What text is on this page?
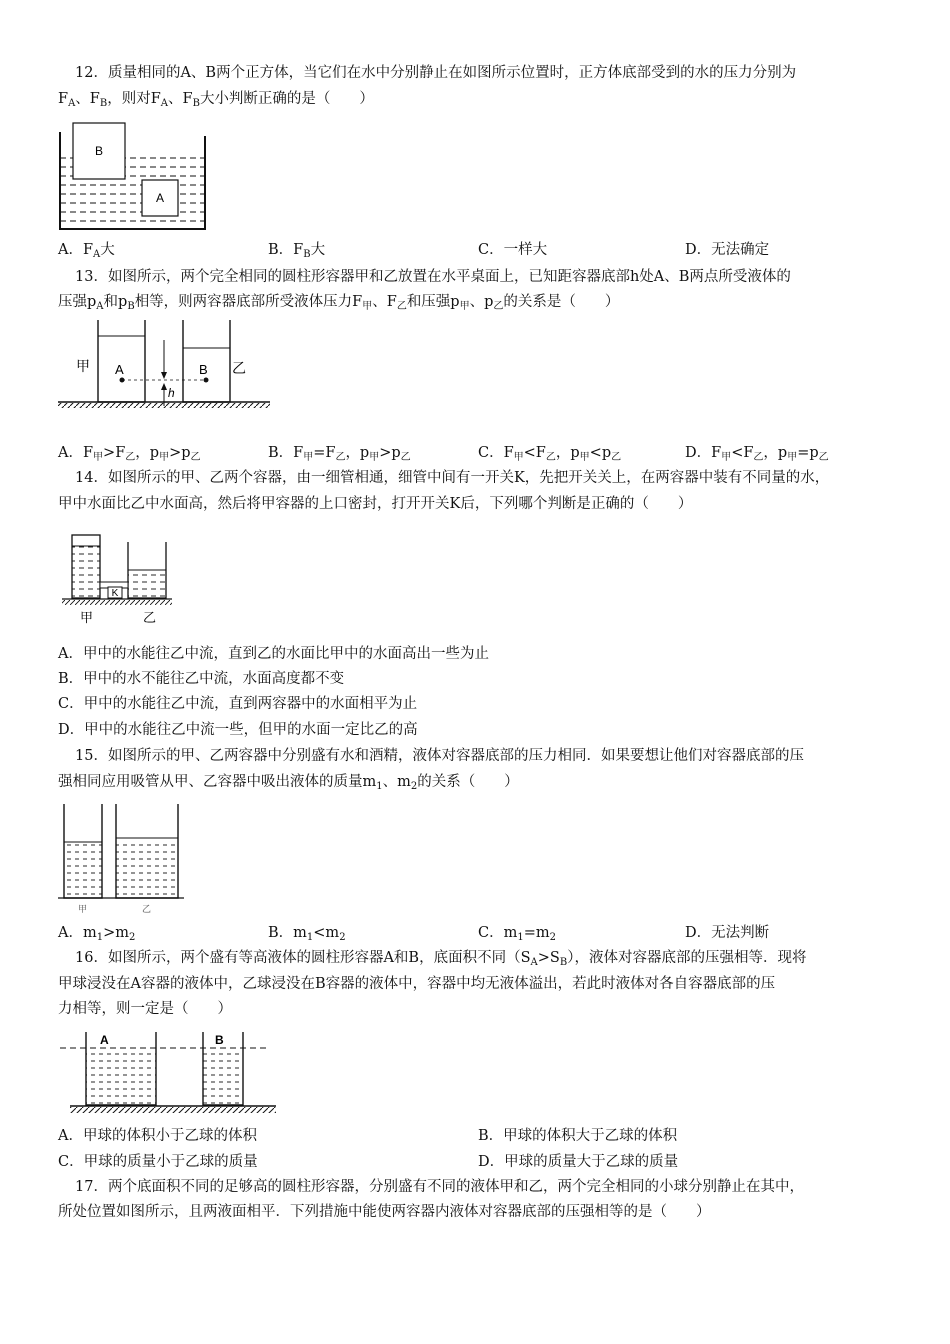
12．质量相同的A、B两个正方体，当它们在水中分别静止在如图所示位置时，正方体底部受到的水的压力分别为
$F_A$、$F_B$，则对$F_A$、$F_B$大小判断正确的是（　　）
B
A
A．$F_A$大	B．$F_B$大	C．一样大	D．无法确定
13．如图所示，两个完全相同的圆柱形容器甲和乙放置在水平桌面上，已知距容器底部h处A、B两点所受液体的
压强$p_A$和$p_B$相等，则两容器底部所受液体压力$F_甲$、$F_乙$和压强$p_甲$、$p_乙$的关系是（　　）
甲 A	B 乙
h
A．$F_甲>F_乙$，$p_甲>p_乙$	B．$F_甲=F_乙$，$p_甲>p_乙$	C．$F_甲<F_乙$，$p_甲<p_乙$	D．$F_甲<F_乙$，$p_甲=p_乙$
14．如图所示的甲、乙两个容器，由一细管相通，细管中间有一开关K，先把开关关上，在两容器中装有不同量的水，
甲中水面比乙中水面高，然后将甲容器的上口密封，打开开关K后，下列哪个判断是正确的（　　）
K
甲	乙
A．甲中的水能往乙中流，直到乙的水面比甲中的水面高出一些为止
B．甲中的水不能往乙中流，水面高度都不变
C．甲中的水能往乙中流，直到两容器中的水面相平为止
D．甲中的水能往乙中流一些，但甲的水面一定比乙的高
15．如图所示的甲、乙两容器中分别盛有水和酒精，液体对容器底部的压力相同．如果要想让他们对容器底部的压
强相同应用吸管从甲、乙容器中吸出液体的质量$m_1$、$m_2$的关系（　　）
甲	乙
A．$m_1>m_2$	B．$m_1<m_2$	C．$m_1=m_2$	D．无法判断
16．如图所示，两个盛有等高液体的圆柱形容器A和B，底面积不同$(S_A>S_B)$，液体对容器底部的压强相等．现将
甲球浸没在A容器的液体中，乙球浸没在B容器的液体中，容器中均无液体溢出，若此时液体对各自容器底部的压
力相等，则一定是（　　）
A	B
A．甲球的体积小于乙球的体积	B．甲球的体积大于乙球的体积
C．甲球的质量小于乙球的质量	D．甲球的质量大于乙球的质量
17．两个底面积不同的足够高的圆柱形容器，分别盛有不同的液体甲和乙，两个完全相同的小球分别静止在其中，
所处位置如图所示，且两液面相平．下列措施中能使两容器内液体对容器底部的压强相等的是（　　）
